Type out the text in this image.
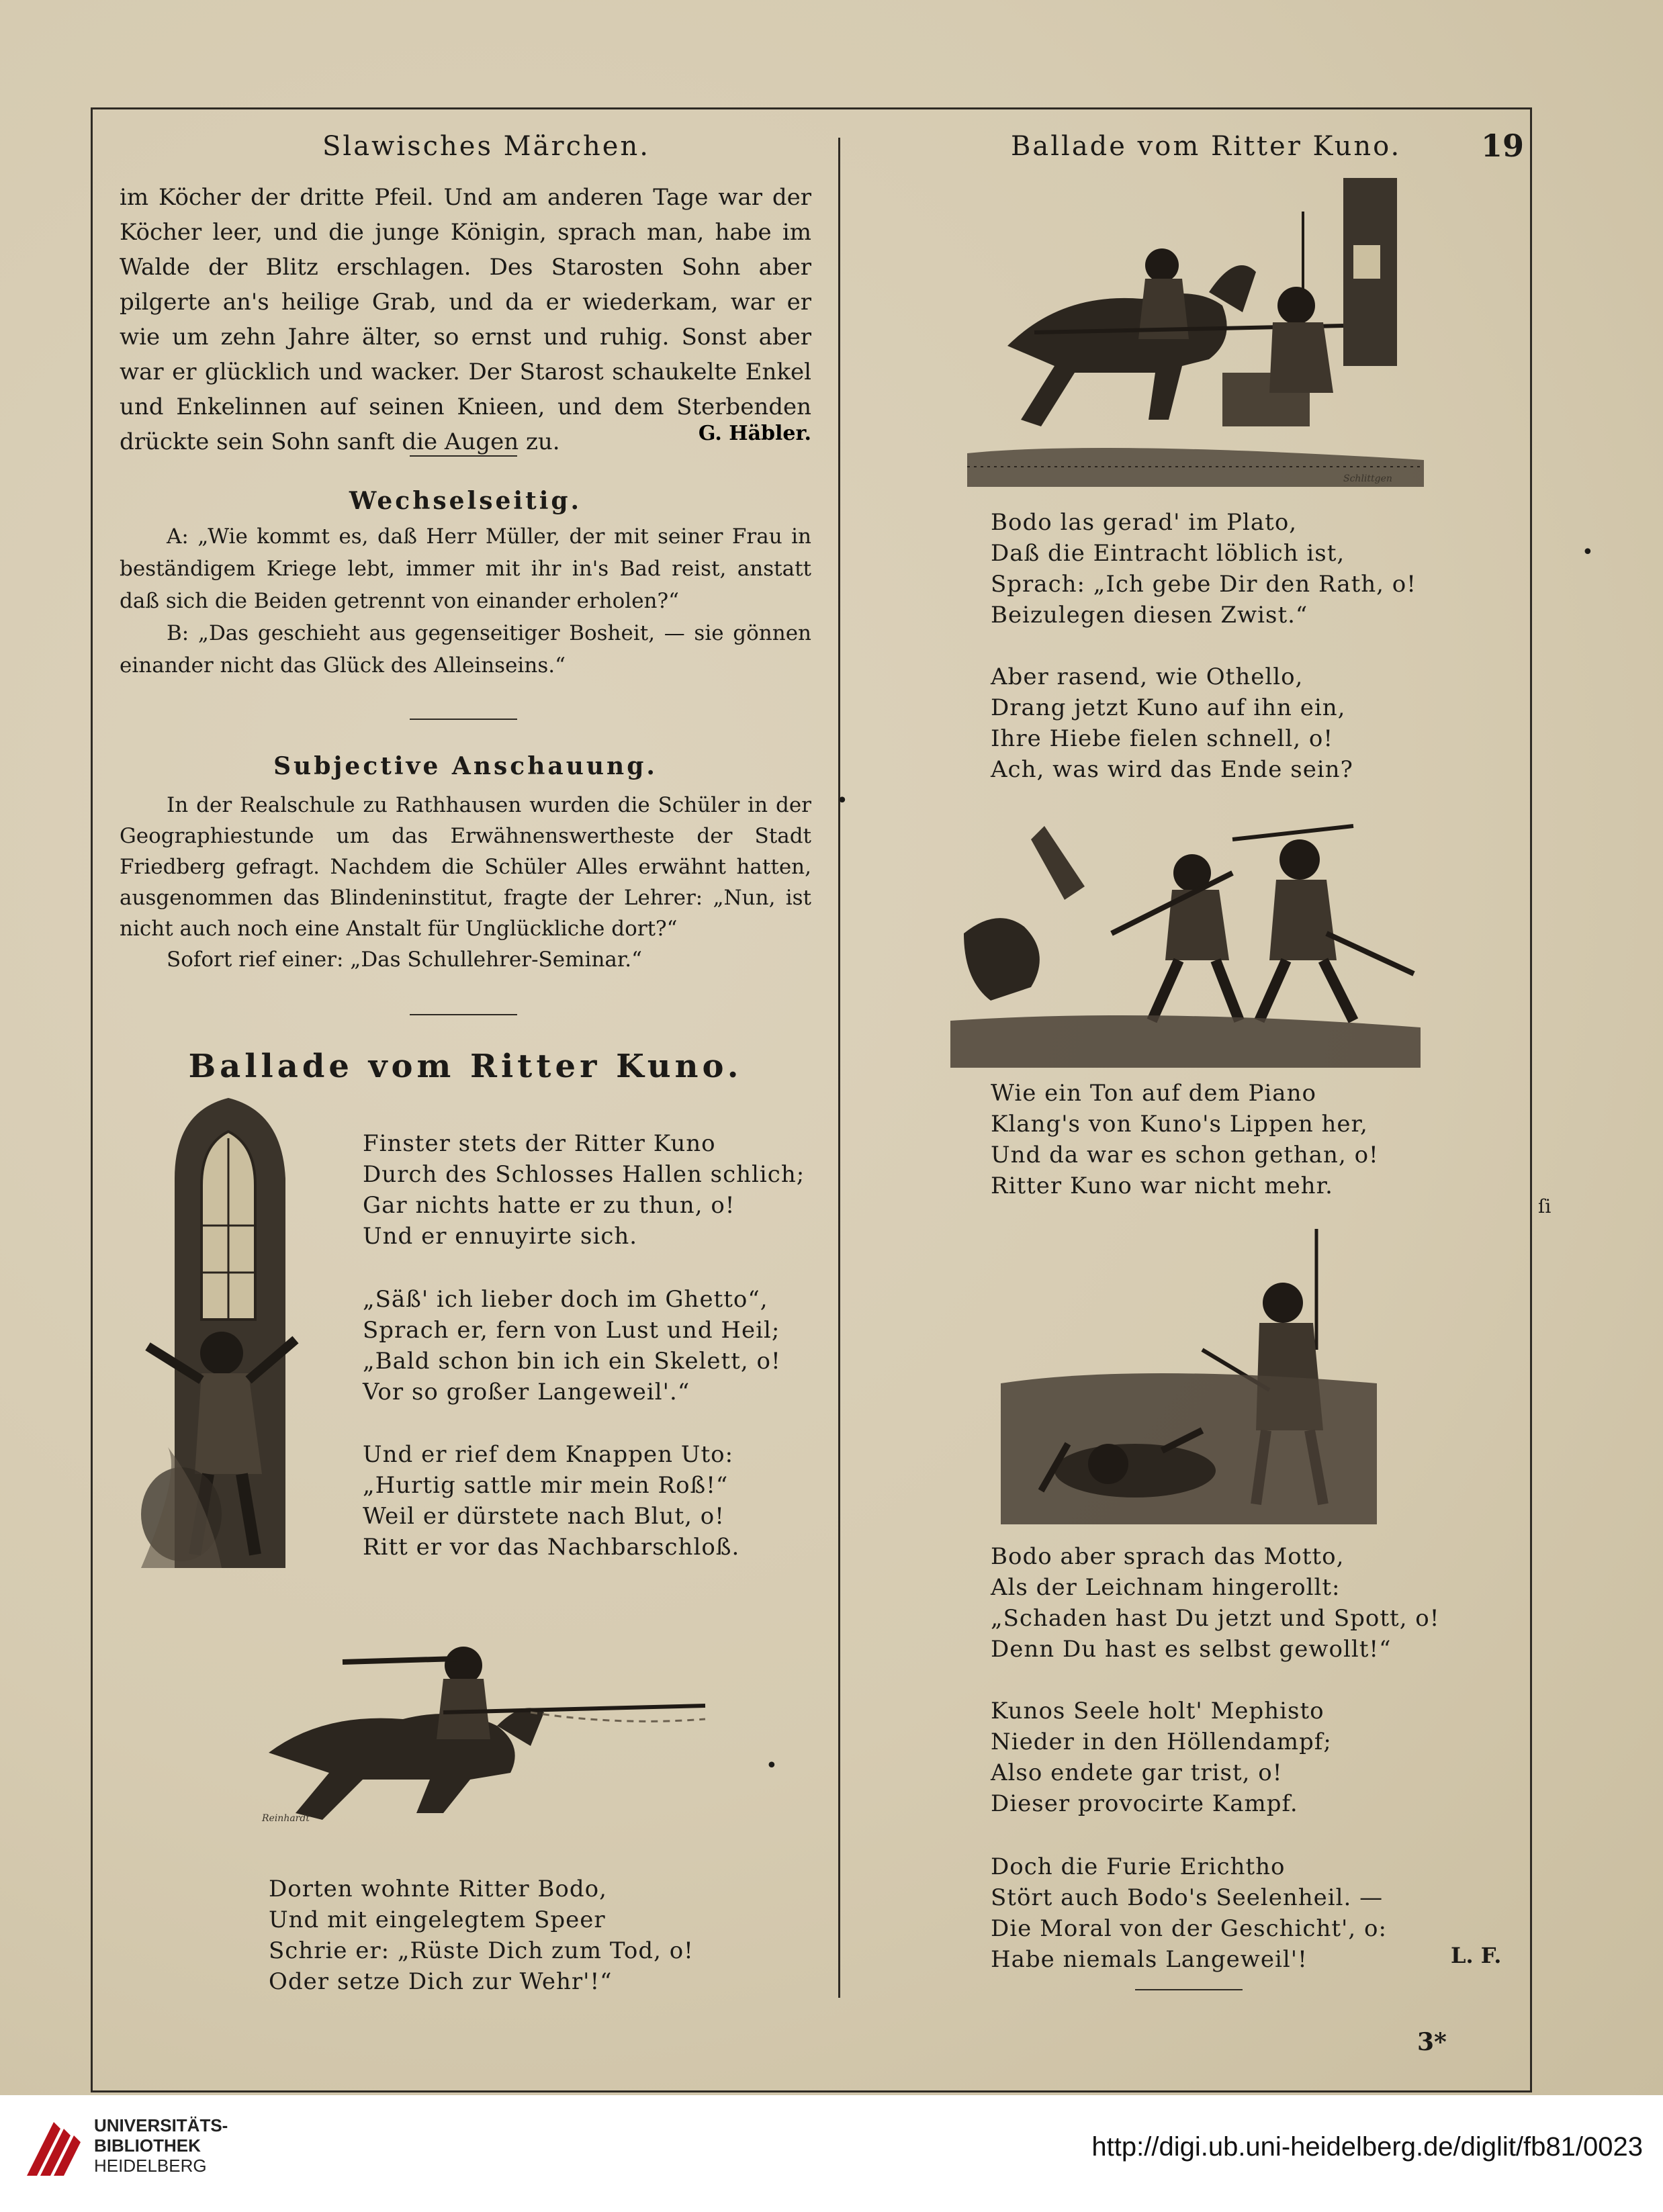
Slawisches Märchen.	Ballade vom Ritter Kuno.	19

im Köcher der dritte Pfeil. Und am anderen Tage war der Köcher leer, und die junge Königin, sprach man, habe im Walde der Blitz erschlagen. Des Starosten Sohn aber pilgerte an's heilige Grab, und da er wiederkam, war er wie um zehn Jahre älter, so ernst und ruhig. Sonst aber war er glücklich und wacker. Der Starost schaukelte Enkel und Enkelinnen auf seinen Knieen, und dem Sterbenden drückte sein Sohn sanft die Augen zu.	G. Häbler.

Wechselseitig.

A: „Wie kommt es, daß Herr Müller, der mit seiner Frau in beständigem Kriege lebt, immer mit ihr in's Bad reist, anstatt daß sich die Beiden getrennt von einander erholen?“

B: „Das geschieht aus gegenseitiger Bosheit, — sie gönnen einander nicht das Glück des Alleinseins.“

Subjective Anschauung.

In der Realschule zu Rathhausen wurden die Schüler in der Geographiestunde um das Erwähnenswertheste der Stadt Friedberg gefragt. Nachdem die Schüler Alles erwähnt hatten, ausgenommen das Blindeninstitut, fragte der Lehrer: „Nun, ist nicht auch noch eine Anstalt für Unglückliche dort?“

Sofort rief einer: „Das Schullehrer-Seminar.“

Ballade vom Ritter Kuno.
Finster stets der Ritter Kuno
Durch des Schlosses Hallen schlich;
Gar nichts hatte er zu thun, o!
Und er ennuyirte sich.
„Säß' ich lieber doch im Ghetto“,
Sprach er, fern von Lust und Heil;
„Bald schon bin ich ein Skelett, o!
Vor so großer Langeweil'.“
Und er rief dem Knappen Uto:
„Hurtig sattle mir mein Roß!“
Weil er dürstete nach Blut, o!
Ritt er vor das Nachbarschloß.
Reinhardt
•
Dorten wohnte Ritter Bodo,
Und mit eingelegtem Speer
Schrie er: „Rüste Dich zum Tod, o!
Oder setze Dich zur Wehr'!“
Schlittgen
Bodo las gerad' im Plato,
Daß die Eintracht löblich ist,
Sprach: „Ich gebe Dir den Rath, o!
Beizulegen diesen Zwist.“
•
Aber rasend, wie Othello,
Drang jetzt Kuno auf ihn ein,
Ihre Hiebe fielen schnell, o!
Ach, was wird das Ende sein?
•
Wie ein Ton auf dem Piano
Klang's von Kuno's Lippen her,
Und da war es schon gethan, o!
Ritter Kuno war nicht mehr.
ſi
Bodo aber sprach das Motto,
Als der Leichnam hingerollt:
„Schaden hast Du jetzt und Spott, o!
Denn Du hast es selbst gewollt!“
Kunos Seele holt' Mephisto
Nieder in den Höllendampf;
Also endete gar trist, o!
Dieser provocirte Kampf.
Doch die Furie Erichtho
Stört auch Bodo's Seelenheil. —
Die Moral von der Geschicht', o:
Habe niemals Langeweil'!	L. F.
3*
UNIVERSITÄTS-
BIBLIOTHEK
HEIDELBERG
http://digi.ub.uni-heidelberg.de/diglit/fb81/0023
